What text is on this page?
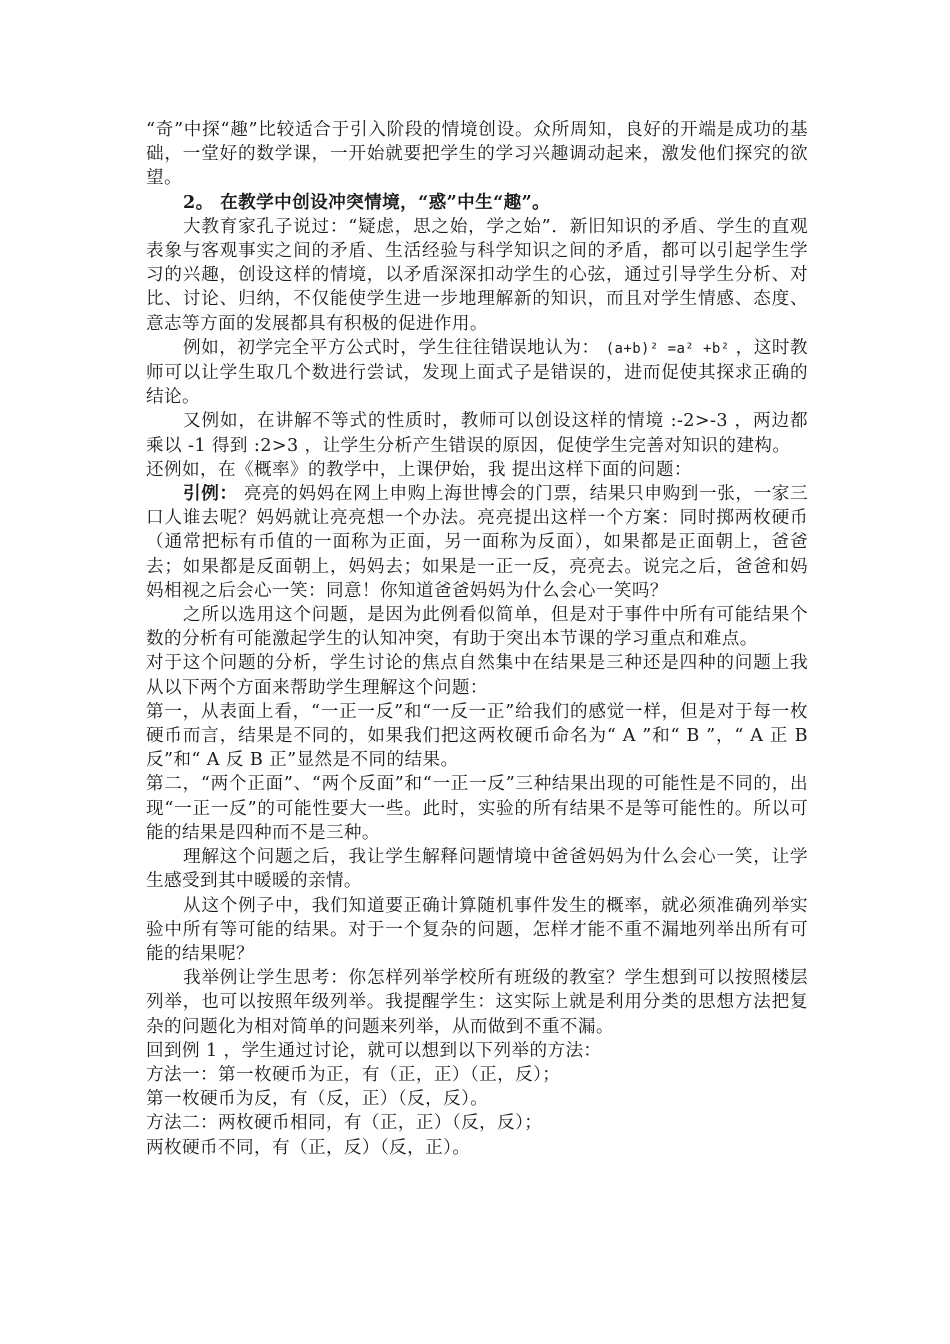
“奇”中探“趣”比较适合于引入阶段的情境创设。众所周知，良好的开端是成功的基础，一堂好的数学课，一开始就要把学生的学习兴趣调动起来，激发他们探究的欲望。

2。 在教学中创设冲突情境，“惑”中生“趣”。

大教育家孔子说过：“疑虑，思之始，学之始”．新旧知识的矛盾、学生的直观表象与客观事实之间的矛盾、生活经验与科学知识之间的矛盾，都可以引起学生学习的兴趣，创设这样的情境，以矛盾深深扣动学生的心弦，通过引导学生分析、对比、讨论、归纳，不仅能使学生进一步地理解新的知识，而且对学生情感、态度、意志等方面的发展都具有积极的促进作用。

例如，初学完全平方公式时，学生往往错误地认为： (a+b)² =a² +b² ，这时教师可以让学生取几个数进行尝试，发现上面式子是错误的，进而促使其探求正确的结论。

又例如，在讲解不等式的性质时，教师可以创设这样的情境 :-2>-3 ，两边都乘以 -1 得到 :2>3 ，让学生分析产生错误的原因，促使学生完善对知识的建构。

还例如，在《概率》的教学中，上课伊始，我 提出这样下面的问题：

引例： 亮亮的妈妈在网上申购上海世博会的门票，结果只申购到一张，一家三口人谁去呢？妈妈就让亮亮想一个办法。亮亮提出这样一个方案：同时掷两枚硬币（通常把标有币值的一面称为正面，另一面称为反面），如果都是正面朝上，爸爸去；如果都是反面朝上，妈妈去；如果是一正一反，亮亮去。说完之后，爸爸和妈妈相视之后会心一笑：同意！你知道爸爸妈妈为什么会心一笑吗？

之所以选用这个问题，是因为此例看似简单，但是对于事件中所有可能结果个数的分析有可能激起学生的认知冲突，有助于突出本节课的学习重点和难点。

对于这个问题的分析，学生讨论的焦点自然集中在结果是三种还是四种的问题上我从以下两个方面来帮助学生理解这个问题：

第一，从表面上看，“一正一反”和“一反一正”给我们的感觉一样，但是对于每一枚硬币而言，结果是不同的，如果我们把这两枚硬币命名为“ A ”和“ B ”，“ A 正 B 反”和“ A 反 B 正”显然是不同的结果。

第二，“两个正面”、“两个反面”和“一正一反”三种结果出现的可能性是不同的，出现“一正一反”的可能性要大一些。此时，实验的所有结果不是等可能性的。所以可能的结果是四种而不是三种。

理解这个问题之后，我让学生解释问题情境中爸爸妈妈为什么会心一笑，让学生感受到其中暖暖的亲情。

从这个例子中，我们知道要正确计算随机事件发生的概率，就必须准确列举实验中所有等可能的结果。对于一个复杂的问题，怎样才能不重不漏地列举出所有可能的结果呢？

我举例让学生思考：你怎样列举学校所有班级的教室？学生想到可以按照楼层列举，也可以按照年级列举。我提醒学生：这实际上就是利用分类的思想方法把复杂的问题化为相对简单的问题来列举，从而做到不重不漏。

回到例 1 ，学生通过讨论，就可以想到以下列举的方法：

方法一：第一枚硬币为正，有（正，正）（正，反）；

第一枚硬币为反，有（反，正）（反，反）。

方法二：两枚硬币相同，有（正，正）（反，反）；

两枚硬币不同，有（正，反）（反，正）。
